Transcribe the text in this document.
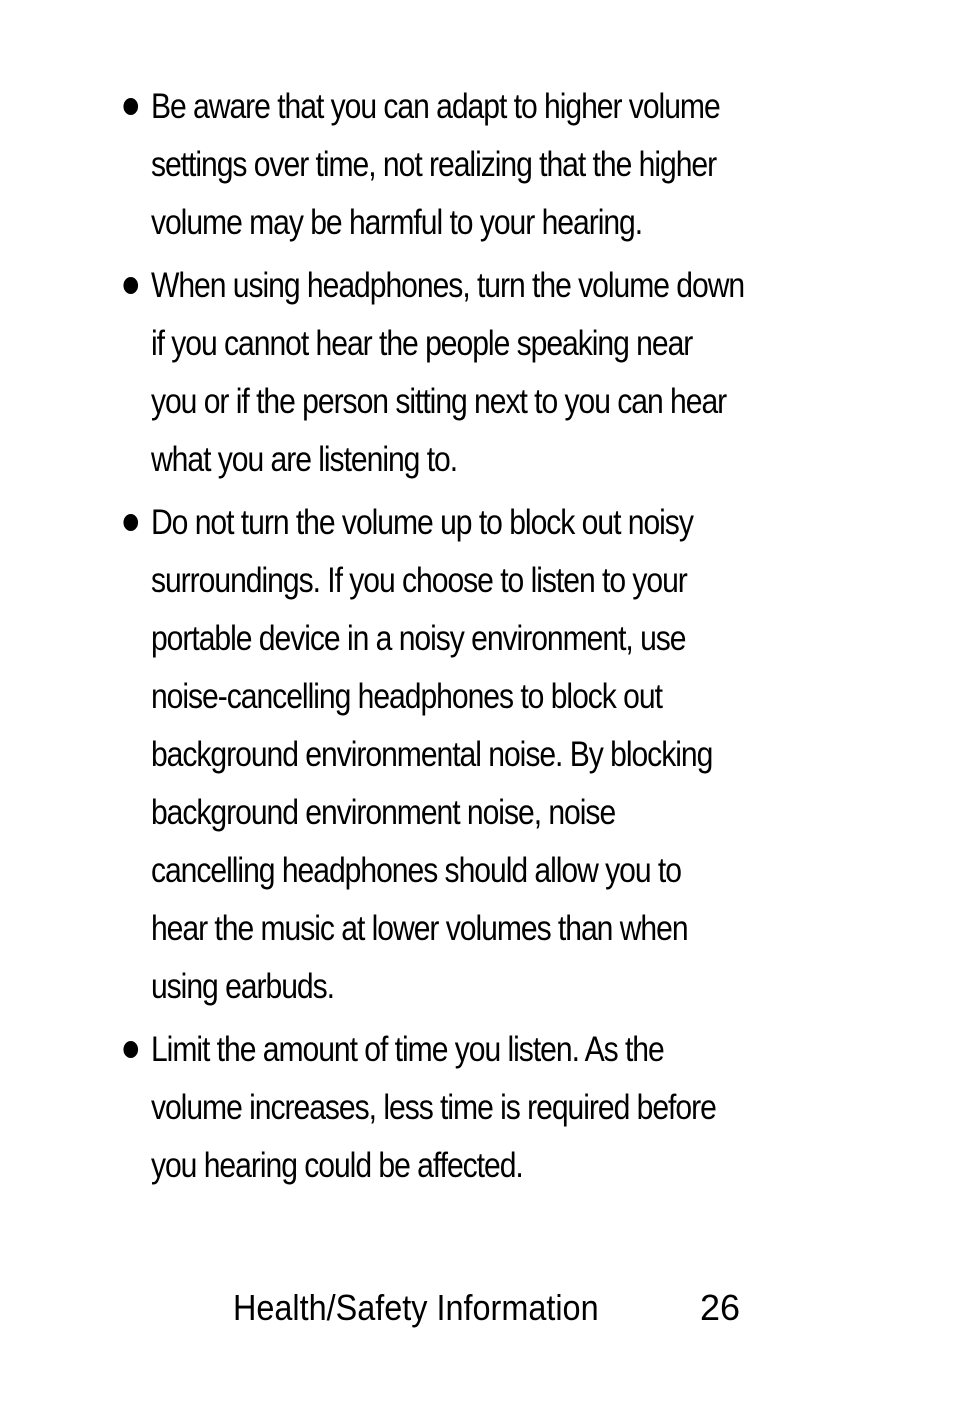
Be aware that you can adapt to higher volume
settings over time, not realizing that the higher
volume may be harmful to your hearing.
When using headphones, turn the volume down
if you cannot hear the people speaking near
you or if the person sitting next to you can hear
what you are listening to.
Do not turn the volume up to block out noisy
surroundings. If you choose to listen to your
portable device in a noisy environment, use
noise-cancelling headphones to block out
background environmental noise. By blocking
background environment noise, noise
cancelling headphones should allow you to
hear the music at lower volumes than when
using earbuds.
Limit the amount of time you listen. As the
volume increases, less time is required before
you hearing could be affected.
Health/Safety Information	26
